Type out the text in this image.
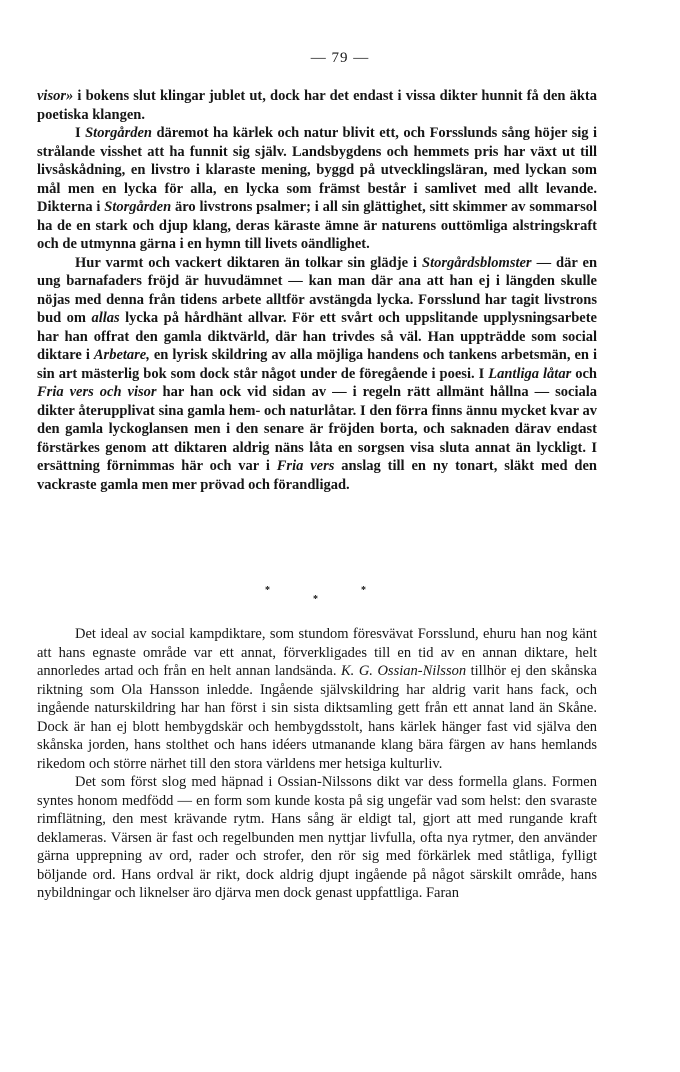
— 79 —

visor» i bokens slut klingar jublet ut, dock har det endast i vissa dikter hunnit få den äkta poetiska klangen.

I Storgården däremot ha kärlek och natur blivit ett, och Forsslunds sång höjer sig i strålande visshet att ha funnit sig själv. Landsbygdens och hemmets pris har växt ut till livsåskådning, en livstro i klaraste mening, byggd på utvecklingsläran, med lyckan som mål men en lycka för alla, en lycka som främst består i samlivet med allt levande. Dikterna i Storgården äro livstrons psalmer; i all sin glättighet, sitt skimmer av sommarsol ha de en stark och djup klang, deras käraste ämne är naturens outtömliga alstringskraft och de utmynna gärna i en hymn till livets oändlighet.

Hur varmt och vackert diktaren än tolkar sin glädje i Storgårdsblomster — där en ung barnafaders fröjd är huvudämnet — kan man där ana att han ej i längden skulle nöjas med denna från tidens arbete alltför avstängda lycka. Forsslund har tagit livstrons bud om allas lycka på hårdhänt allvar. För ett svårt och uppslitande upplysningsarbete har han offrat den gamla diktvärld, där han trivdes så väl. Han uppträdde som social diktare i Arbetare, en lyrisk skildring av alla möjliga handens och tankens arbetsmän, en i sin art mästerlig bok som dock står något under de föregående i poesi. I Lantliga låtar och Fria vers och visor har han ock vid sidan av — i regeln rätt allmänt hållna — sociala dikter återupplivat sina gamla hem- och naturlåtar. I den förra finns ännu mycket kvar av den gamla lyckoglansen men i den senare är fröjden borta, och saknaden därav endast förstärkes genom att diktaren aldrig näns låta en sorgsen visa sluta annat än lyckligt. I ersättning förnimmas här och var i Fria vers anslag till en ny tonart, släkt med den vackraste gamla men mer prövad och förandligad.

*
*
*

Det ideal av social kampdiktare, som stundom föresvävat Forsslund, ehuru han nog känt att hans egnaste område var ett annat, förverkligades till en tid av en annan diktare, helt annorledes artad och från en helt annan landsända. K. G. Ossian-Nilsson tillhör ej den skånska riktning som Ola Hansson inledde. Ingående självskildring har aldrig varit hans fack, och ingående naturskildring har han först i sin sista diktsamling gett från ett annat land än Skåne. Dock är han ej blott hembygdskär och hembygdsstolt, hans kärlek hänger fast vid själva den skånska jorden, hans stolthet och hans idéers utmanande klang bära färgen av hans hemlands rikedom och större närhet till den stora världens mer hetsiga kulturliv.

Det som först slog med häpnad i Ossian-Nilssons dikt var dess formella glans. Formen syntes honom medfödd — en form som kunde kosta på sig ungefär vad som helst: den svaraste rimflätning, den mest krävande rytm. Hans sång är eldigt tal, gjort att med rungande kraft deklameras. Värsen är fast och regelbunden men nyttjar livfulla, ofta nya rytmer, den använder gärna upprepning av ord, rader och strofer, den rör sig med förkärlek med ståtliga, fylligt böljande ord. Hans ordval är rikt, dock aldrig djupt ingående på något särskilt område, hans nybildningar och liknelser äro djärva men dock genast uppfattliga. Faran
